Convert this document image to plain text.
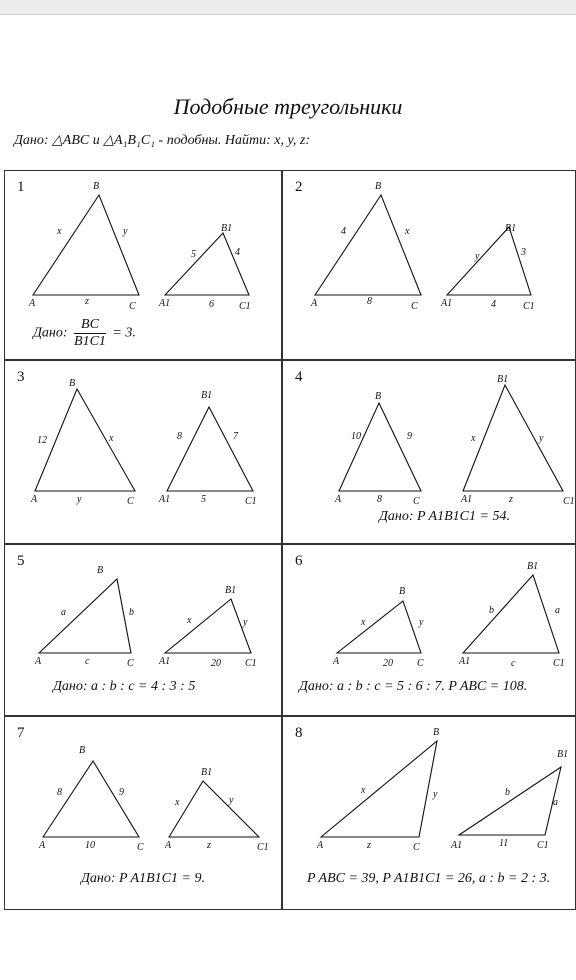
Подобные треугольники
Дано: △ABC и △A₁B₁C₁ - подобны. Найти: x, y, z:
1
A
B
C
x	y
z	A1
B1
C1
5	4
6
Дано: $\frac{BC}{B1C1} = 3$.
2
A
B
C
4	x
8	A1
B1
C1
y	3
4
3
A
B
C
12	x
y	A1
B1
C1
8	7
5
4
A
B
C
10	9
8	A1
B1
C1
x	y
z
Дано: P A1B1C1 = 54.
5
A
B
C
a	b
c	A1
B1
C1
x	y
20
Дано: a : b : c = 4 : 3 : 5
6
A
B
C
x	y
20	A1
B1
C1
b	a
c
Дано: a : b : c = 5 : 6 : 7. P ABC = 108.
7
A
B
C
8	9
10	A
B1
C1
x	y
z
Дано: P A1B1C1 = 9.
8
A
B
C
x	y
z	A1
B1
C1
b
a
11
P ABC = 39, P A1B1C1 = 26, a : b = 2 : 3.
